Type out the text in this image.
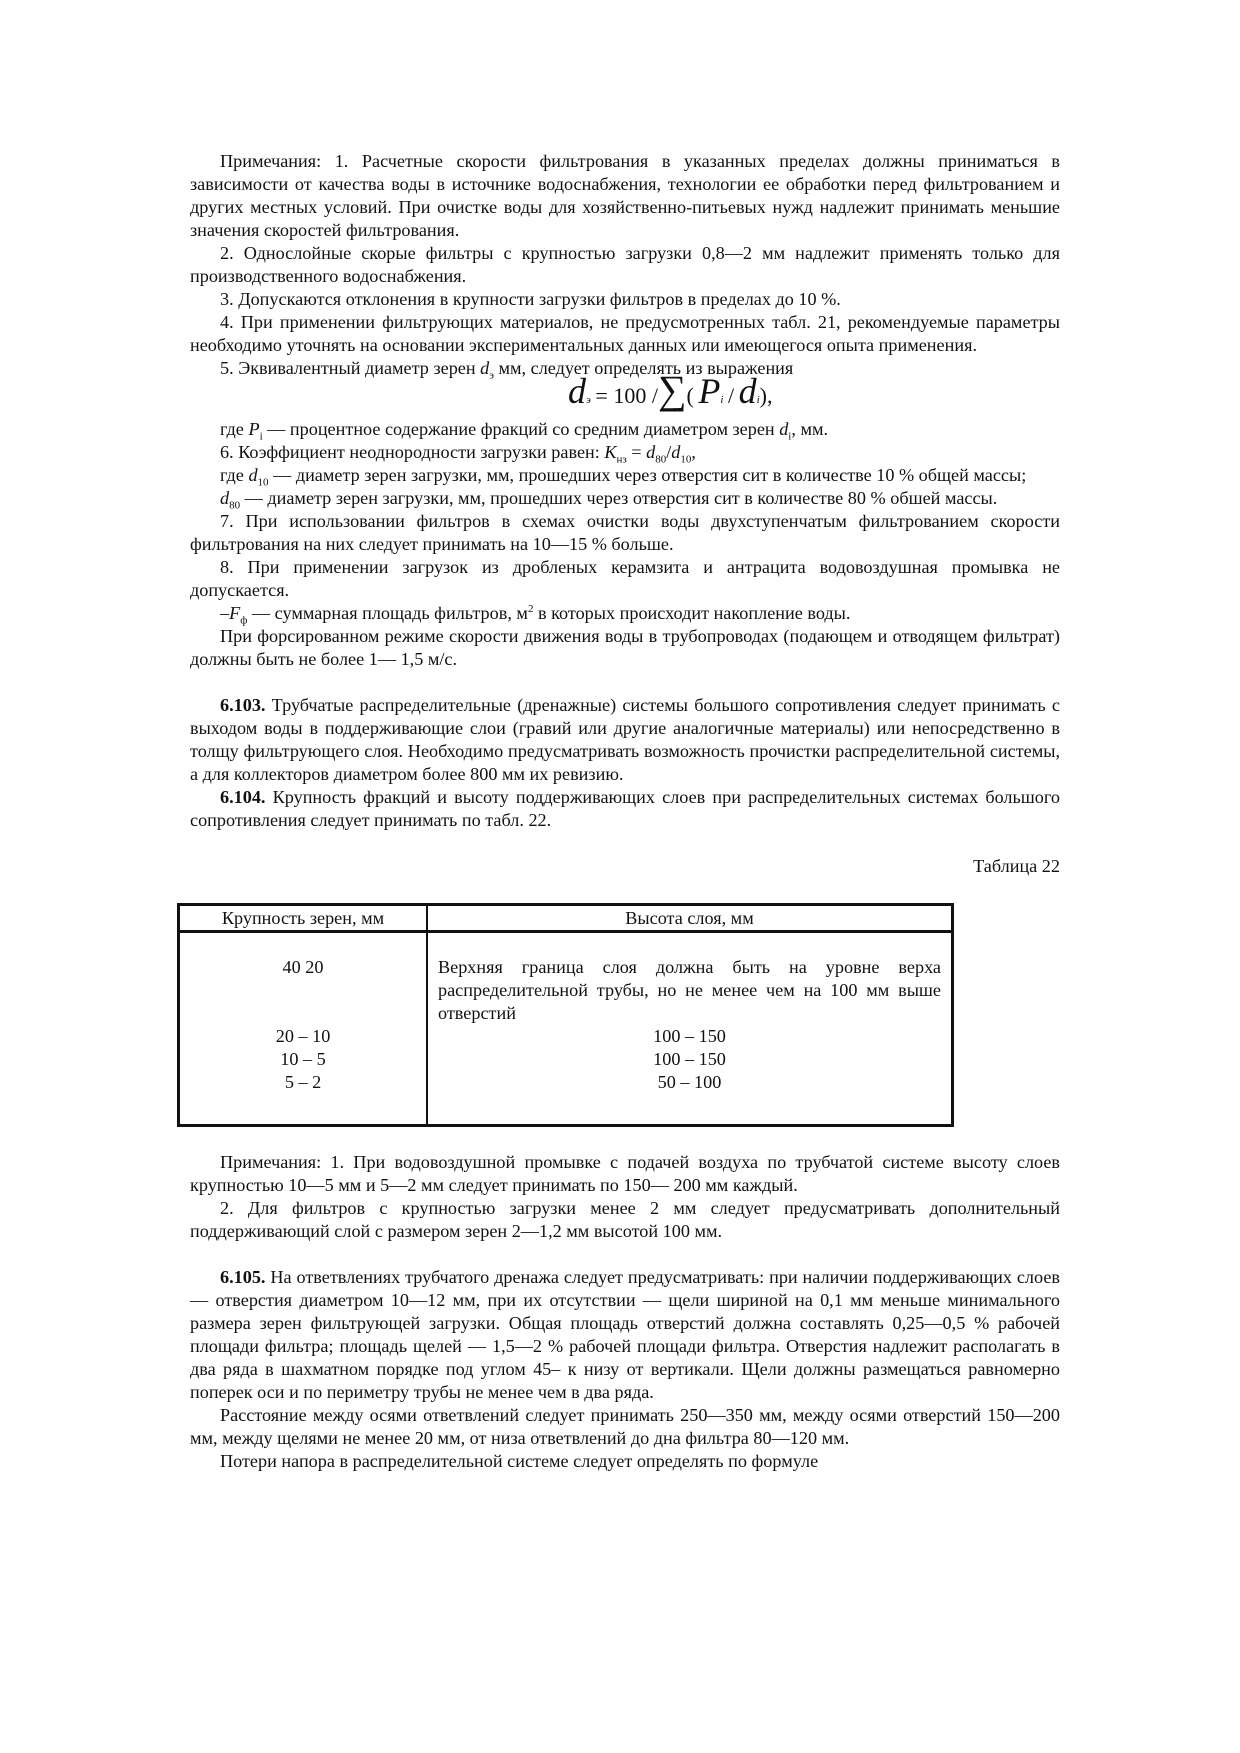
Примечания: 1. Расчетные скорости фильтрования в указанных пределах должны приниматься в зависимости от качества воды в источнике водоснабжения, технологии ее обработки перед фильтрованием и других местных условий. При очистке воды для хозяйственно-питьевых нужд надлежит принимать меньшие значения скоростей фильтрования.

2. Однослойные скорые фильтры с крупностью загрузки 0,8—2 мм надлежит применять только для производственного водоснабжения.

3. Допускаются отклонения в крупности загрузки фильтров в пределах до 10 %.

4. При применении фильтрующих материалов, не предусмотренных табл. 21, рекомендуемые параметры необходимо уточнять на основании экспериментальных данных или имеющегося опыта применения.

5. Эквивалентный диаметр зерен $d_э$ мм, следует определять из выражения

dэ = 100 /∑( Pi / di),

где $P_i$ — процентное содержание фракций со средним диаметром зерен $d_i$, мм.

6. Коэффициент неоднородности загрузки равен: $K_{нз} = d_{80}/d_{10}$,

где $d_{10}$ — диаметр зерен загрузки, мм, прошедших через отверстия сит в количестве 10 % общей массы;

$d_{80}$ — диаметр зерен загрузки, мм, прошедших через отверстия сит в количестве 80 % обшей массы.

7. При использовании фильтров в схемах очистки воды двухступенчатым фильтрованием скорости фильтрования на них следует принимать на 10—15 % больше.

8. При применении загрузок из дробленых керамзита и антрацита водовоздушная промывка не допускается.

$-F_ф$ — суммарная площадь фильтров, $м^2$ в которых происходит накопление воды.

При форсированном режиме скорости движения воды в трубопроводах (подающем и отводящем фильтрат) должны быть не более 1— 1,5 м/с.

6.103. Трубчатые распределительные (дренажные) системы большого сопротивления следует принимать с выходом воды в поддерживающие слои (гравий или другие аналогичные материалы) или непосредственно в толщу фильтрующего слоя. Необходимо предусматривать возможность прочистки распределительной системы, а для коллекторов диаметром более 800 мм их ревизию.

6.104. Крупность фракций и высоту поддерживающих слоев при распределительных системах большого сопротивления следует принимать по табл. 22.

Таблица 22

Крупность зерен, мм	Высота слоя, мм
40 20	Верхняя граница слоя должна быть на уровне верха распределительной трубы, но не менее чем на 100 мм выше отверстий

20 – 10	100 – 150
10 – 5	100 – 150
5 – 2	50 – 100

Примечания: 1. При водовоздушной промывке с подачей воздуха по трубчатой системе высоту слоев крупностью 10—5 мм и 5—2 мм следует принимать по 150— 200 мм каждый.

2. Для фильтров с крупностью загрузки менее 2 мм следует предусматривать дополнительный поддерживающий слой с размером зерен 2—1,2 мм высотой 100 мм.

6.105. На ответвлениях трубчатого дренажа следует предусматривать: при наличии поддерживающих слоев — отверстия диаметром 10—12 мм, при их отсутствии — щели шириной на 0,1 мм меньше минимального размера зерен фильтрующей загрузки. Общая площадь отверстий должна составлять 0,25—0,5 % рабочей площади фильтра; площадь щелей — 1,5—2 % рабочей площади фильтра. Отверстия надлежит располагать в два ряда в шахматном порядке под углом 45– к низу от вертикали. Щели должны размещаться равномерно поперек оси и по периметру трубы не менее чем в два ряда.

Расстояние между осями ответвлений следует принимать 250—350 мм, между осями отверстий 150—200 мм, между щелями не менее 20 мм, от низа ответвлений до дна фильтра 80—120 мм.

Потери напора в распределительной системе следует определять по формуле
